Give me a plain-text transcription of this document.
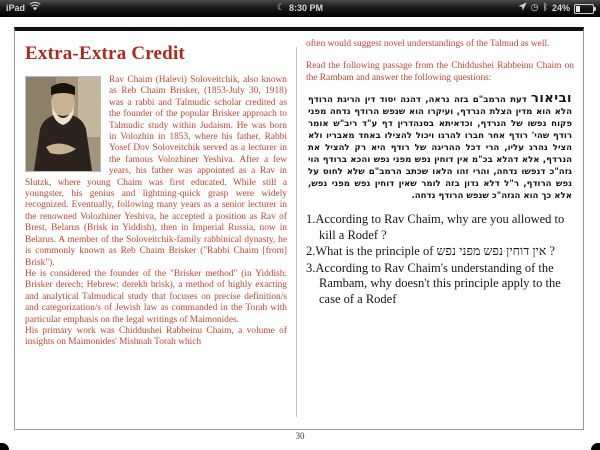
iPad	☾ 8:30 PM	◷ ᛒ 24%
Extra-Extra Credit

Rav Chaim (Halevi) Soloveitchik, also known as Reb Chaim Brisker, (1853-July 30, 1918) was a rabbi and Talmudic scholar credited as the founder of the popular Brisker approach to Talmudic study within Judaism. He was born in Volozhin in 1853, where his father, Rabbi Yosef Dov Soloveitchik served as a lecturer in the famous Volozhiner Yeshiva. After a few years, his father was appointed as a Rav in Slutzk, where young Chaim was first educated. While still a youngster, his genius and lightning-quick grasp were widely recognized. Eventually, following many years as a senior lecturer in the renowned Volozhiner Yeshiva, he accepted a position as Rav of Brest, Belarus (Brisk in Yiddish), then in Imperial Russia, now in Belarus. A member of the Soloveitchik-family rabbinical dynasty, he is commonly known as Reb Chaim Brisker ("Rabbi Chaim [from] Brisk").

He is considered the founder of the "Brisker method" (in Yiddish: Brisker derech; Hebrew: derekh brisk), a method of highly exacting and analytical Talmudical study that focuses on precise definition/s and categorization/s of Jewish law as commanded in the Torah with particular emphasis on the legal writings of Maimonides.

His primary work was Chiddushei Rabbeinu Chaim, a volume of insights on Maimonides' Mishnah Torah which

often would suggest novel understandings of the Talmud as well.

Read the following passage from the Chiddushei Rabbeinu Chaim on the Rambam and answer the following questions:

וביאור דעת הרמב"ם בזה נראה, דהנה יסוד דין הריגת הרודף הלא הוא מדין הצלת הנרדף, ועיקרו הוא שנפש הרודף נדחה מפני פקוח נפשו של הנרדף, וכדאיתא בסנהדרין דף ע"ד ריב"ש אומר רודף שהי' רודף אחר חברו להרגו ויכול להצילו באחד מאבריו ולא הציל נהרג עליו, הרי דכל ההריגה של רודף היא רק להציל את הנרדף, אלא דהלא בכ"מ אין דוחין נפש מפני נפש והכא ברודף הוי גזה"כ דנפשו נדחה, והרי זהו הלאו שכתב הרמב"ם שלא לחוס על נפש הרודף, ר"ל דלא נדון בזה לומר שאין דוחין נפש מפני נפש, אלא כך הוא הגזה"כ שנפש הרודף נדחה.
1.According to Rav Chaim, why are you allowed to kill a Rodef ?
2.What is the principle of אין דוחין נפש מפני נפש ?
3.According to Rav Chaim's understanding of the Rambam, why doesn't this principle apply to the case of a Rodef
30
